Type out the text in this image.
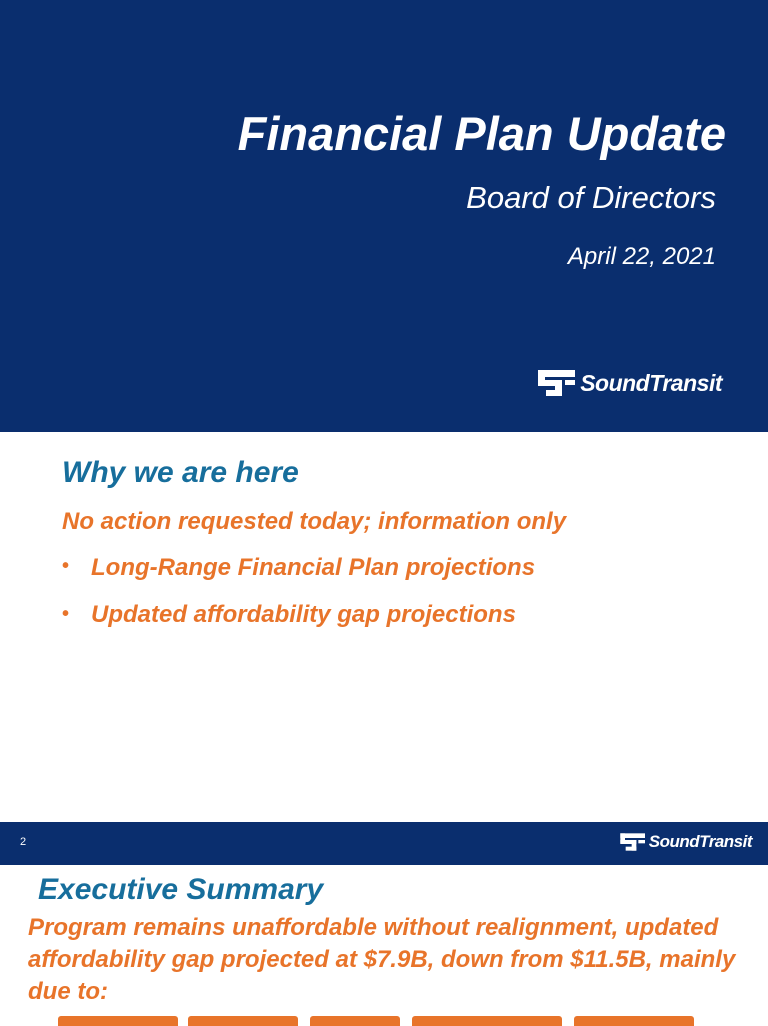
Financial Plan Update
Board of Directors
April 22, 2021
SoundTransit
Why we are here
No action requested today; information only
• Long-Range Financial Plan projections
• Updated affordability gap projections
2	SoundTransit
Executive Summary
Program remains unaffordable without realignment, updated affordability gap projected at $7.9B, down from $11.5B, mainly due to:
